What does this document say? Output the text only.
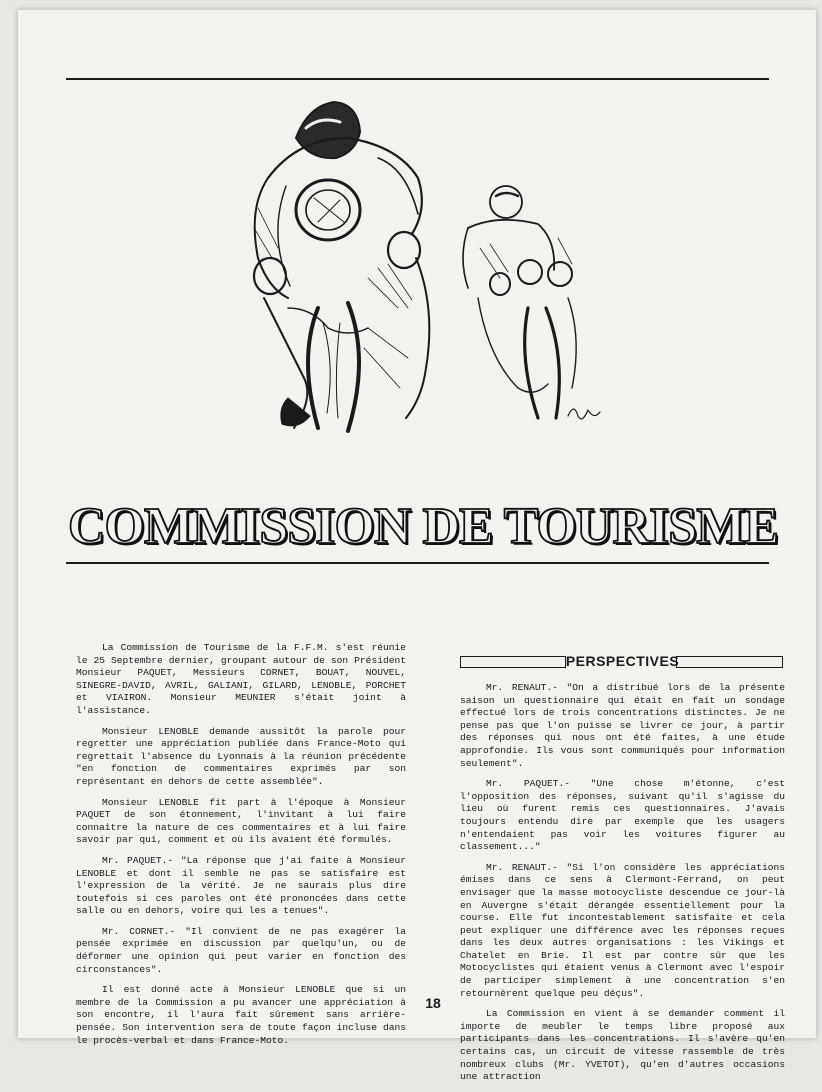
COMMISSION DE TOURISME

La Commission de Tourisme de la F.F.M. s'est réunie le 25 Septembre dernier, groupant autour de son Président Monsieur PAQUET, Messieurs CORNET, BOUAT, NOUVEL, SINEGRE-DAVID, AVRIL, GALIANI, GILARD, LENOBLE, PORCHET et VIAIRON. Monsieur MEUNIER s'était joint à l'assistance.

Monsieur LENOBLE demande aussitôt la parole pour regretter une appréciation publiée dans France-Moto qui regrettait l'absence du Lyonnais à la réunion précédente "en fonction de commentaires exprimés par son représentant en dehors de cette assemblée".

Monsieur LENOBLE fit part à l'époque à Monsieur PAQUET de son étonnement, l'invitant à lui faire connaître la nature de ces commentaires et à lui faire savoir par qui, comment et où ils avaient été formulés.

Mr. PAQUET.- "La réponse que j'ai faite à Monsieur LENOBLE et dont il semble ne pas se satisfaire est l'expression de la vérité. Je ne saurais plus dire toutefois si ces paroles ont été prononcées dans cette salle ou en dehors, voire qui les a tenues".

Mr. CORNET.- "Il convient de ne pas exagérer la pensée exprimée en discussion par quelqu'un, ou de déformer une opinion qui peut varier en fonction des circonstances".

Il est donné acte à Monsieur LENOBLE que si un membre de la Commission a pu avancer une appréciation à son encontre, il l'aura fait sûrement sans arrière-pensée. Son intervention sera de toute façon incluse dans le procès-verbal et dans France-Moto.

PERSPECTIVES

Mr. RENAUT.- "On a distribué lors de la présente saison un questionnaire qui était en fait un sondage effectué lors de trois concentrations distinctes. Je ne pense pas que l'on puisse se livrer ce jour, à partir des réponses qui nous ont été faites, à une étude approfondie. Ils vous sont communiqués pour information seulement".

Mr. PAQUET.- "Une chose m'étonne, c'est l'opposition des réponses, suivant qu'il s'agisse du lieu où furent remis ces questionnaires. J'avais toujours entendu dire par exemple que les usagers n'entendaient pas voir les voitures figurer au classement..."

Mr. RENAUT.- "Si l'on considère les appréciations émises dans ce sens à Clermont-Ferrand, on peut envisager que la masse motocycliste descendue ce jour-là en Auvergne s'était dérangée essentiellement pour la course. Elle fut incontestablement satisfaite et cela peut expliquer une différence avec les réponses reçues dans les deux autres organisations : les Vikings et Chatelet en Brie. Il est par contre sûr que les Motocyclistes qui étaient venus à Clermont avec l'espoir de participer simplement à une concentration s'en retournèrent quelque peu déçus".

La Commission en vient à se demander comment il importe de meubler le temps libre proposé aux participants dans les concentrations. Il s'avère qu'en certains cas, un circuit de vitesse rassemble de très nombreux clubs (Mr. YVETOT), qu'en d'autres occasions une attraction

18
